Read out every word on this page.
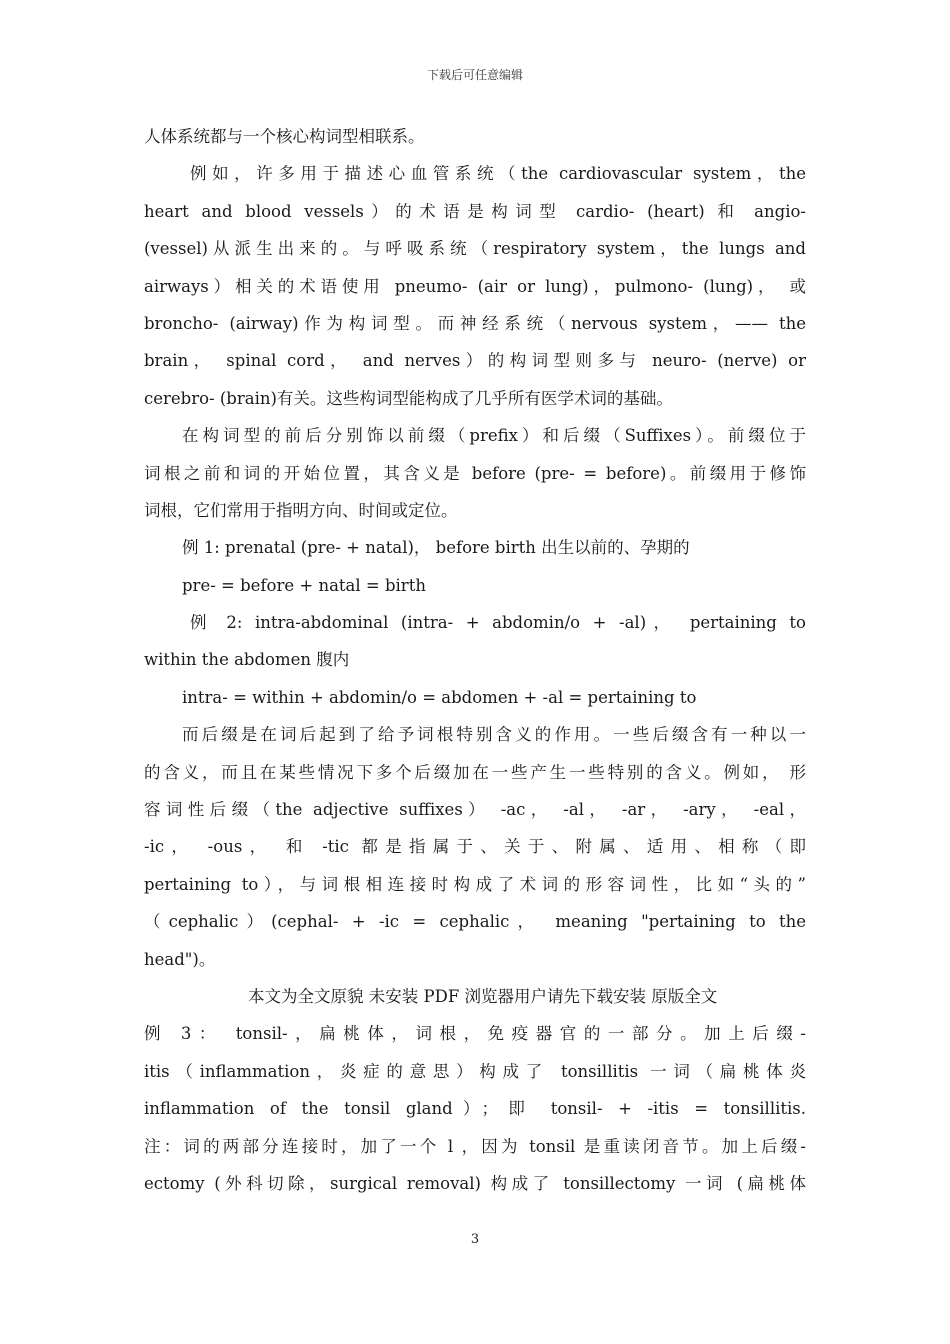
下载后可任意编辑
人体系统都与一个核心构词型相联系。
例如，许多用于描述心血管系统（the cardiovascular system，the
heart and blood vessels）的术语是构词型 cardio- (heart) 和 angio-
(vessel)从派生出来的。与呼吸系统（respiratory system，the lungs and
airways）相关的术语使用 pneumo- (air or lung)，pulmono- (lung)， 或
broncho- (airway)作为构词型。而神经系统（nervous system，—— the
brain， spinal cord， and nerves）的构词型则多与 neuro- (nerve) or
cerebro- (brain)有关。这些构词型能构成了几乎所有医学术词的基础。
在构词型的前后分别饰以前缀（prefix）和后缀（Suffixes）。前缀位于
词根之前和词的开始位置，其含义是 before (pre- = before)。前缀用于修饰
词根，它们常用于指明方向、时间或定位。
例 1: prenatal (pre- + natal)， before birth 出生以前的、孕期的
pre- = before + natal = birth
例 2: intra-abdominal (intra- + abdomin/o + -al)， pertaining to
within the abdomen 腹内
intra- = within + abdomin/o = abdomen + -al = pertaining to
而后缀是在词后起到了给予词根特别含义的作用。一些后缀含有一种以一
的含义，而且在某些情况下多个后缀加在一些产生一些特别的含义。例如， 形
容词性后缀（the adjective suffixes） -ac， -al， -ar， -ary， -eal，
-ic， -ous， 和 -tic 都是指属于、关于、附属、适用、相称（即
pertaining to），与词根相连接时构成了术词的形容词性，比如“头的”
（cephalic）(cephal- + -ic = cephalic， meaning "pertaining to the
head")。
本文为全文原貌 未安装 PDF 浏览器用户请先下载安装 原版全文
例 3： tonsil-，扁桃体，词根，免疫器官的一部分。加上后缀-
itis（inflammation，炎症的意思）构成了 tonsillitis 一词（扁桃体炎
inflammation of the tonsil gland）；即 tonsil- + -itis = tonsillitis.
注：词的两部分连接时，加了一个 l ，因为 tonsil 是重读闭音节。加上后缀-
ectomy (外科切除，surgical removal) 构成了 tonsillectomy 一词 (扁桃体
3
